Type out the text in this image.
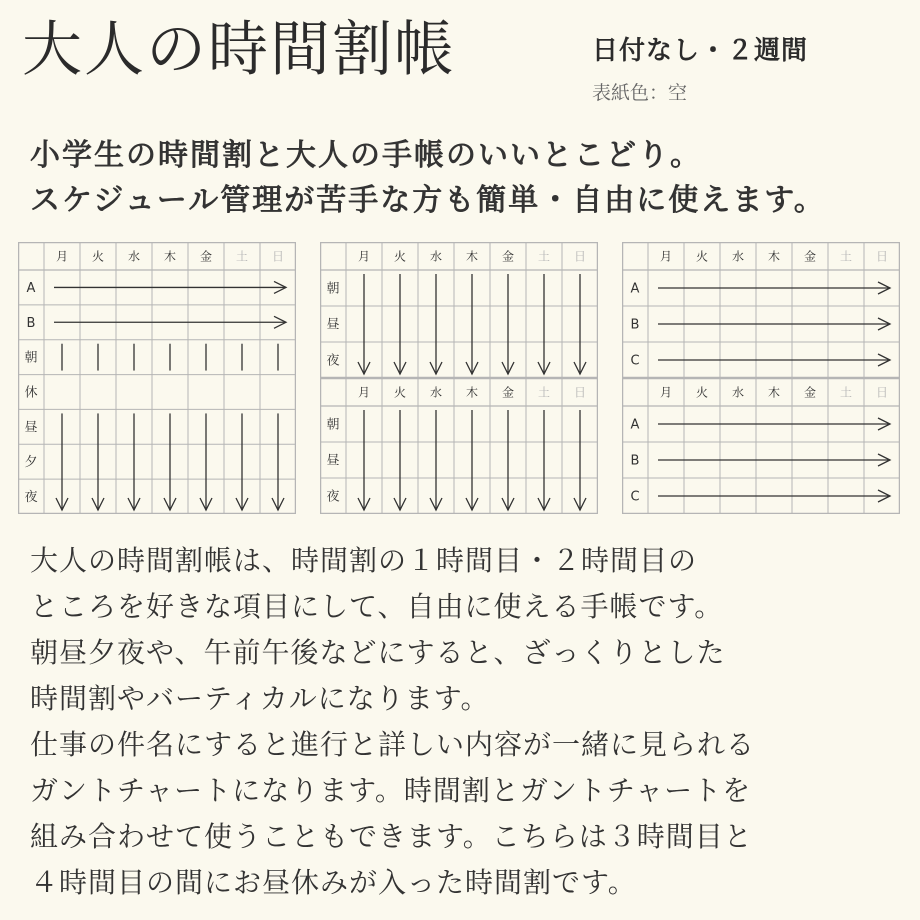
大人の時間割帳	日付なし・２週間
表紙色：空
小学生の時間割と大人の手帳のいいとこどり。
スケジュール管理が苦手な方も簡単・自由に使えます。
月 火 水 木 金 土 日
A
B
朝
休
昼
夕
夜
月 火 水 木 金 土 日
朝
昼
夜
月 火 水 木 金 土 日
朝
昼
夜
月 火 水 木 金 土 日
A
B
C
月 火 水 木 金 土 日
A
B
C
大人の時間割帳は、時間割の１時間目・２時間目の
ところを好きな項目にして、自由に使える手帳です。
朝昼夕夜や、午前午後などにすると、ざっくりとした
時間割やバーティカルになります。
仕事の件名にすると進行と詳しい内容が一緒に見られる
ガントチャートになります。時間割とガントチャートを
組み合わせて使うこともできます。こちらは３時間目と
４時間目の間にお昼休みが入った時間割です。
